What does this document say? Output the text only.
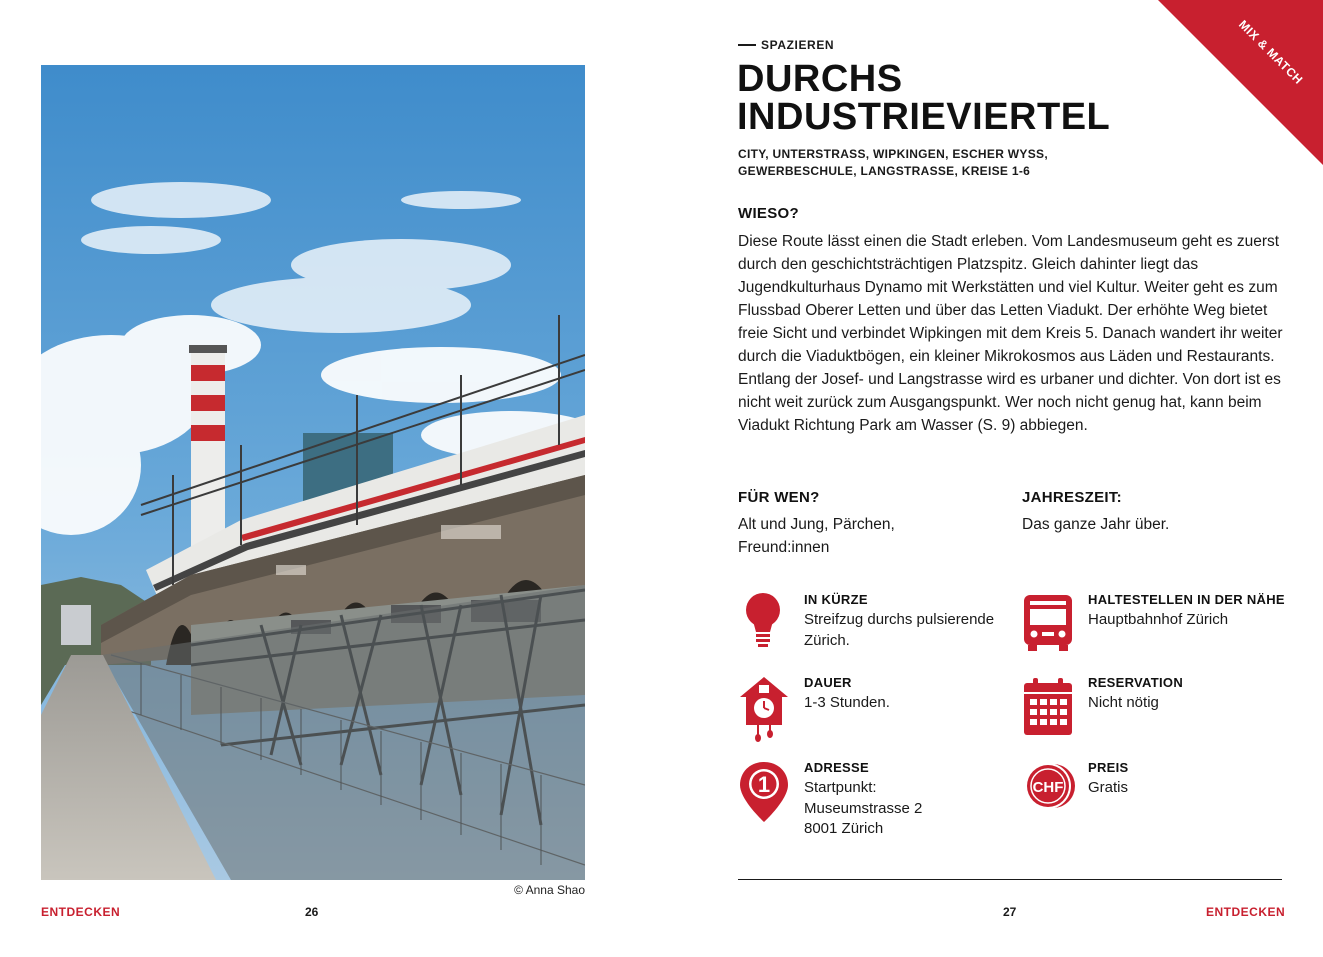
© Anna Shao
ENTDECKEN	26
MIX & MATCH
SPAZIEREN
DURCHS
INDUSTRIEVIERTEL
CITY, UNTERSTRASS, WIPKINGEN, ESCHER WYSS,
GEWERBESCHULE, LANGSTRASSE, KREISE 1-6
WIESO?
Diese Route lässt einen die Stadt erleben. Vom Landesmuseum geht es zuerst durch den geschichtsträchtigen Platzspitz. Gleich dahinter liegt das Jugendkulturhaus Dynamo mit Werkstätten und viel Kultur. Weiter geht es zum Flussbad Oberer Letten und über das Letten Viadukt. Der erhöhte Weg bietet freie Sicht und verbindet Wipkingen mit dem Kreis 5. Danach wandert ihr weiter durch die Viaduktbögen, ein kleiner Mikrokosmos aus Läden und Restaurants. Entlang der Josef- und Langstrasse wird es urbaner und dichter. Von dort ist es nicht weit zurück zum Ausgangspunkt. Wer noch nicht genug hat, kann beim Viadukt Richtung Park am Wasser (S. 9) abbiegen.
FÜR WEN?
Alt und Jung, Pärchen,
Freund:innen
JAHRESZEIT:
Das ganze Jahr über.
IN KÜRZE
Streifzug durchs pulsierende
Zürich.
HALTESTELLEN IN DER NÄHE
Hauptbahnhof Zürich
DAUER
1-3 Stunden.
RESERVATION
Nicht nötig
1
ADRESSE
Startpunkt:
Museumstrasse 2
8001 Zürich
CHF
PREIS
Gratis
27	ENTDECKEN
